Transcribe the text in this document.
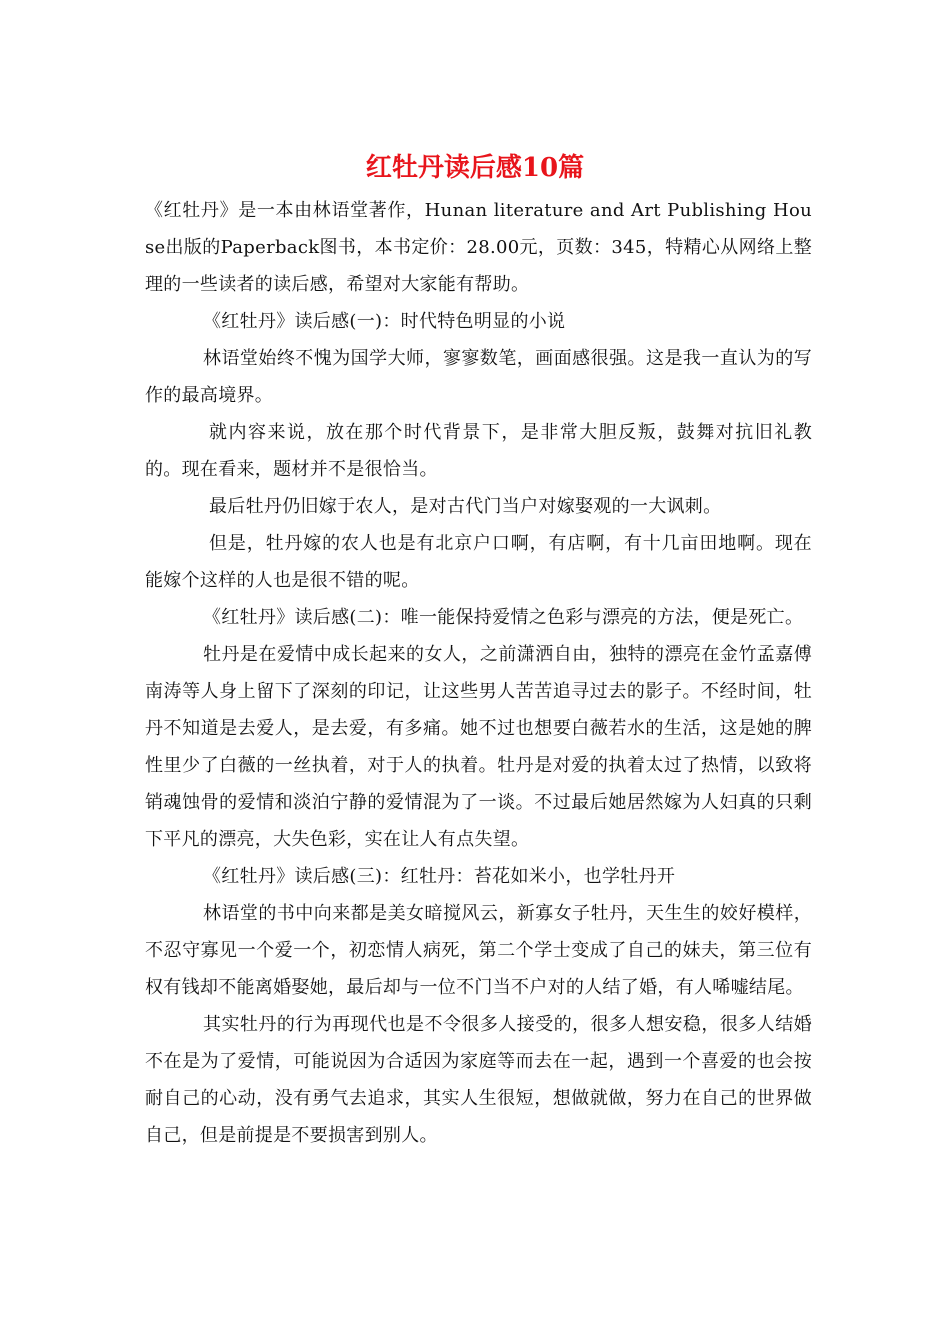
红牡丹读后感10篇

《红牡丹》是一本由林语堂著作，Hunan literature and Art Publishing House出版的Paperback图书，本书定价：28.00元，页数：345，特精心从网络上整理的一些读者的读后感，希望对大家能有帮助。

《红牡丹》读后感(一)：时代特色明显的小说

林语堂始终不愧为国学大师，寥寥数笔，画面感很强。这是我一直认为的写作的最高境界。

就内容来说，放在那个时代背景下，是非常大胆反叛，鼓舞对抗旧礼教的。现在看来，题材并不是很恰当。

最后牡丹仍旧嫁于农人，是对古代门当户对嫁娶观的一大讽刺。

但是，牡丹嫁的农人也是有北京户口啊，有店啊，有十几亩田地啊。现在能嫁个这样的人也是很不错的呢。

《红牡丹》读后感(二)：唯一能保持爱情之色彩与漂亮的方法，便是死亡。

牡丹是在爱情中成长起来的女人，之前潇洒自由，独特的漂亮在金竹孟嘉傅南涛等人身上留下了深刻的印记，让这些男人苦苦追寻过去的影子。不经时间，牡丹不知道是去爱人，是去爱，有多痛。她不过也想要白薇若水的生活，这是她的脾性里少了白薇的一丝执着，对于人的执着。牡丹是对爱的执着太过了热情，以致将销魂蚀骨的爱情和淡泊宁静的爱情混为了一谈。不过最后她居然嫁为人妇真的只剩下平凡的漂亮，大失色彩，实在让人有点失望。

《红牡丹》读后感(三)：红牡丹：苔花如米小，也学牡丹开

林语堂的书中向来都是美女暗搅风云，新寡女子牡丹，天生生的姣好模样，不忍守寡见一个爱一个，初恋情人病死，第二个学士变成了自己的妹夫，第三位有权有钱却不能离婚娶她，最后却与一位不门当不户对的人结了婚，有人唏嘘结尾。

其实牡丹的行为再现代也是不令很多人接受的，很多人想安稳，很多人结婚不在是为了爱情，可能说因为合适因为家庭等而去在一起，遇到一个喜爱的也会按耐自己的心动，没有勇气去追求，其实人生很短，想做就做，努力在自己的世界做自己，但是前提是不要损害到别人。
